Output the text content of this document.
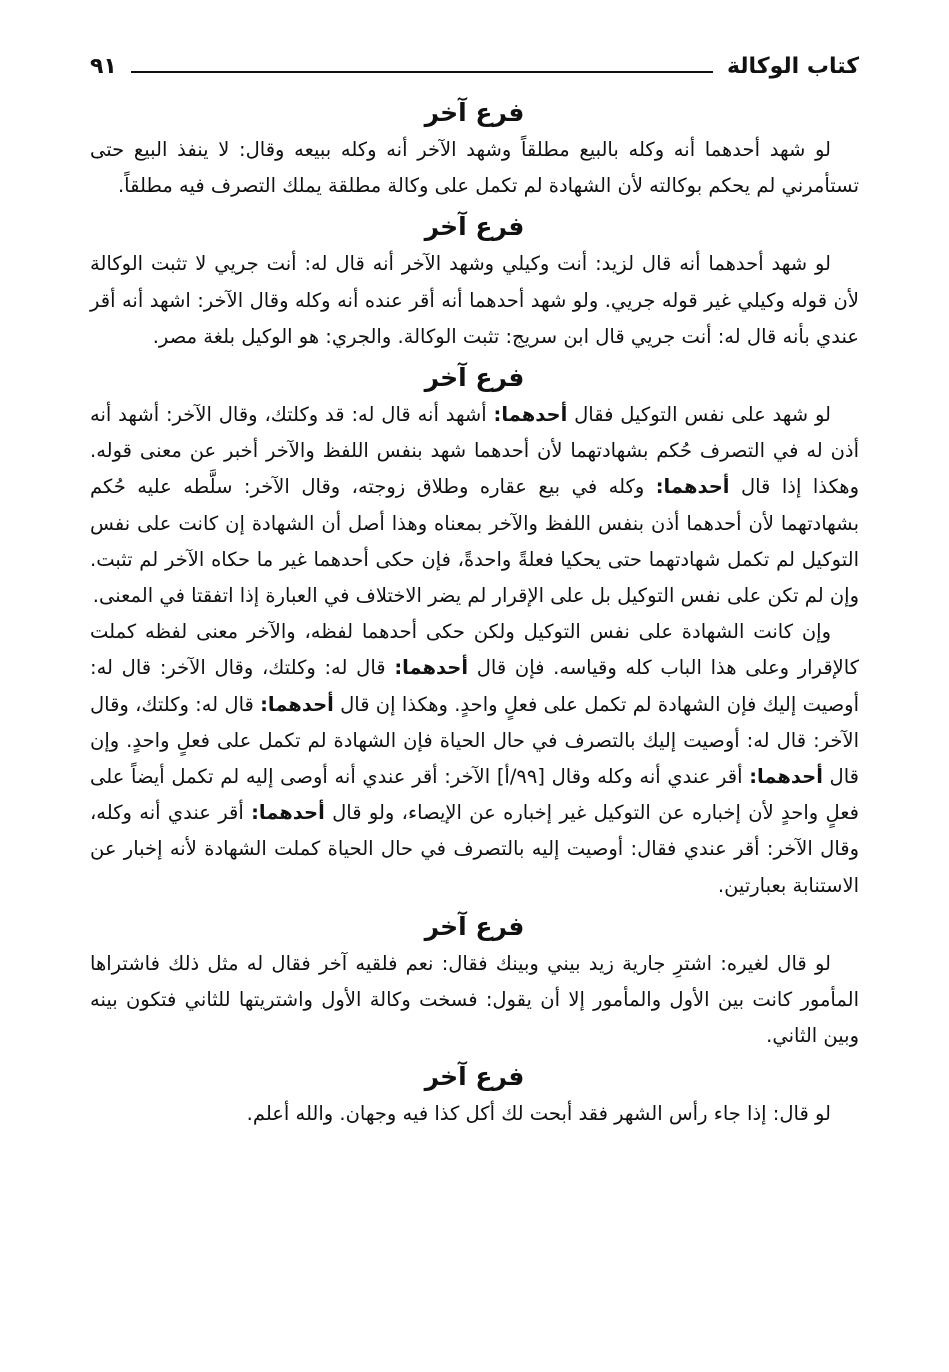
كتاب الوكالة
٩١
فرع آخر

لو شهد أحدهما أنه وكله بالبيع مطلقاً وشهد الآخر أنه وكله ببيعه وقال: لا ينفذ البيع حتى تستأمرني لم يحكم بوكالته لأن الشهادة لم تكمل على وكالة مطلقة يملك التصرف فيه مطلقاً.

فرع آخر

لو شهد أحدهما أنه قال لزيد: أنت وكيلي وشهد الآخر أنه قال له: أنت جريي لا تثبت الوكالة لأن قوله وكيلي غير قوله جريي. ولو شهد أحدهما أنه أقر عنده أنه وكله وقال الآخر: اشهد أنه أقر عندي بأنه قال له: أنت جريي قال ابن سريج: تثبت الوكالة. والجري: هو الوكيل بلغة مصر.

فرع آخر

لو شهد على نفس التوكيل فقال أحدهما: أشهد أنه قال له: قد وكلتك، وقال الآخر: أشهد أنه أذن له في التصرف حُكم بشهادتهما لأن أحدهما شهد بنفس اللفظ والآخر أخبر عن معنى قوله. وهكذا إذا قال أحدهما: وكله في بيع عقاره وطلاق زوجته، وقال الآخر: سلَّطه عليه حُكم بشهادتهما لأن أحدهما أذن بنفس اللفظ والآخر بمعناه وهذا أصل أن الشهادة إن كانت على نفس التوكيل لم تكمل شهادتهما حتى يحكيا فعلةً واحدةً، فإن حكى أحدهما غير ما حكاه الآخر لم تثبت. وإن لم تكن على نفس التوكيل بل على الإقرار لم يضر الاختلاف في العبارة إذا اتفقتا في المعنى.

وإن كانت الشهادة على نفس التوكيل ولكن حكى أحدهما لفظه، والآخر معنى لفظه كملت كالإقرار وعلى هذا الباب كله وقياسه. فإن قال أحدهما: قال له: وكلتك، وقال الآخر: قال له: أوصيت إليك فإن الشهادة لم تكمل على فعلٍ واحدٍ. وهكذا إن قال أحدهما: قال له: وكلتك، وقال الآخر: قال له: أوصيت إليك بالتصرف في حال الحياة فإن الشهادة لم تكمل على فعلٍ واحدٍ. وإن قال أحدهما: أقر عندي أنه وكله وقال [٩٩/أ] الآخر: أقر عندي أنه أوصى إليه لم تكمل أيضاً على فعلٍ واحدٍ لأن إخباره عن التوكيل غير إخباره عن الإيصاء، ولو قال أحدهما: أقر عندي أنه وكله، وقال الآخر: أقر عندي فقال: أوصيت إليه بالتصرف في حال الحياة كملت الشهادة لأنه إخبار عن الاستنابة بعبارتين.

فرع آخر

لو قال لغيره: اشترِ جارية زيد بيني وبينك فقال: نعم فلقيه آخر فقال له مثل ذلك فاشتراها المأمور كانت بين الأول والمأمور إلا أن يقول: فسخت وكالة الأول واشتريتها للثاني فتكون بينه وبين الثاني.

فرع آخر

لو قال: إذا جاء رأس الشهر فقد أبحت لك أكل كذا فيه وجهان. والله أعلم.
